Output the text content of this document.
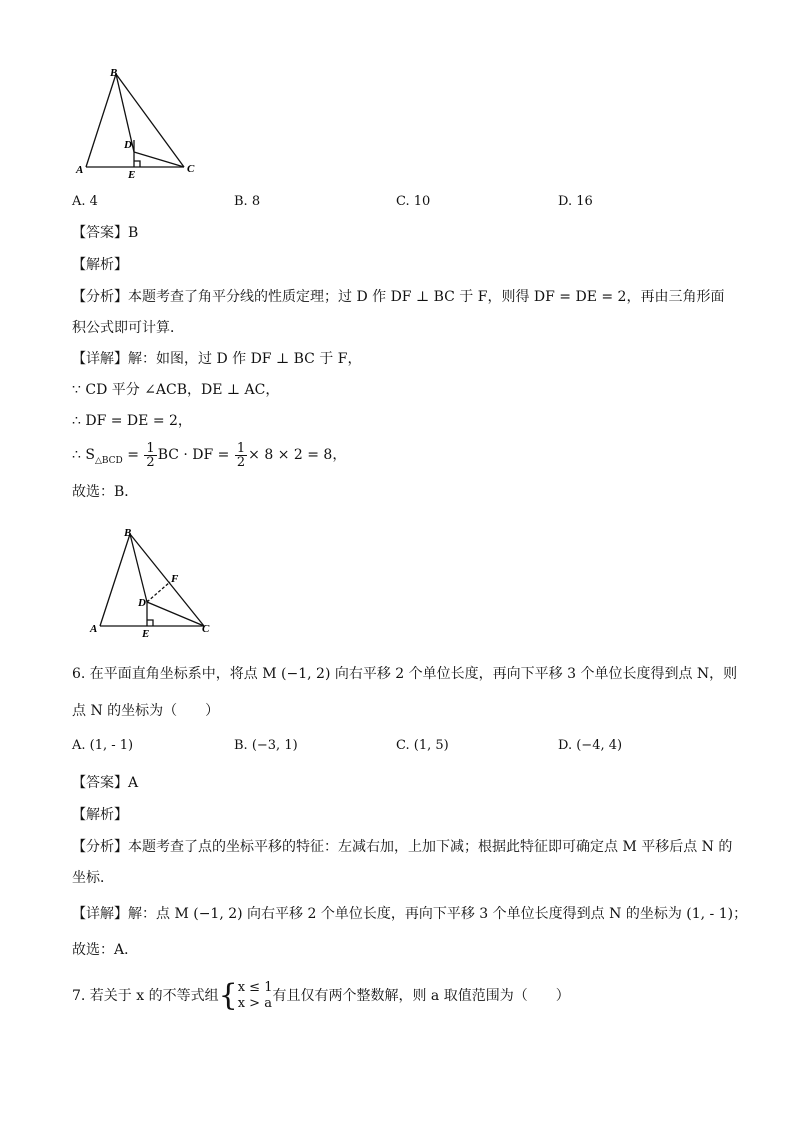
B
D
A	E	C
A. 4	B. 8	C. 10	D. 16
【答案】B
【解析】
【分析】本题考查了角平分线的性质定理；过 D 作 DF ⊥ BC 于 F，则得 DF = DE = 2，再由三角形面
积公式即可计算．
【详解】解：如图，过 D 作 DF ⊥ BC 于 F，
∵ CD 平分 ∠ACB，DE ⊥ AC，
∴ DF = DE = 2，
∴ $S_{\triangle BCD} = \frac{1}{2}$ BC · DF = $\frac{1}{2} \times 8 \times 2 = 8$，
故选：B．
B
F
D
A	E	C
6. 在平面直角坐标系中，将点 M (−1, 2) 向右平移 2 个单位长度，再向下平移 3 个单位长度得到点 N，则
点 N 的坐标为（　　）
A. (1, - 1)	B. (−3, 1)	C. (1, 5)	D. (−4, 4)
【答案】A
【解析】
【分析】本题考查了点的坐标平移的特征：左减右加，上加下减；根据此特征即可确定点 M 平移后点 N 的
坐标．
【详解】解：点 M (−1, 2) 向右平移 2 个单位长度，再向下平移 3 个单位长度得到点 N 的坐标为 (1, - 1)；
故选：A．
7. 若关于 x 的不等式组{ x ≤ 1
x > a 有且仅有两个整数解，则 a 取值范围为（　　）
